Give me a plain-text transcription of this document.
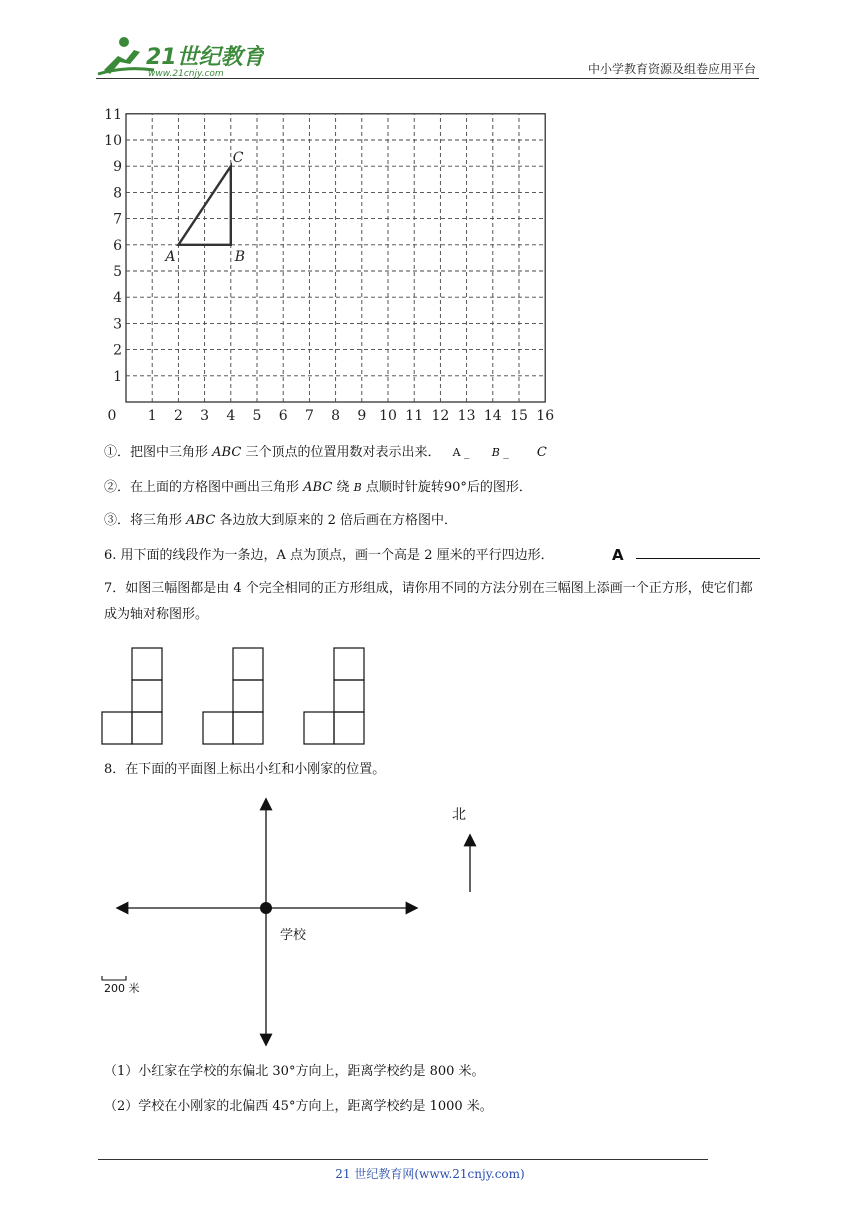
21世纪教育
www.21cnjy.com	中小学教育资源及组卷应用平台
0 1 2 3 4 5 6 7 8 9 10 11 12 13 14 15 16
1
2
3
4
5
6
7
8
9
10
11
A	B
C
①．把图中三角形 ABC 三个顶点的位置用数对表示出来． A _ B _ C
②．在上面的方格图中画出三角形 ABC 绕 B 点顺时针旋转90°后的图形．
③．将三角形 ABC 各边放大到原来的 2 倍后画在方格图中．
6. 用下面的线段作为一条边，A 点为顶点，画一个高是 2 厘米的平行四边形．	A
7．如图三幅图都是由 4 个完全相同的正方形组成，请你用不同的方法分别在三幅图上添画一个正方形，使它们都成为轴对称图形。
8．在下面的平面图上标出小红和小刚家的位置。
学校
北
200 米
（1）小红家在学校的东偏北 30°方向上，距离学校约是 800 米。
（2）学校在小刚家的北偏西 45°方向上，距离学校约是 1000 米。
21 世纪教育网(www.21cnjy.com)
